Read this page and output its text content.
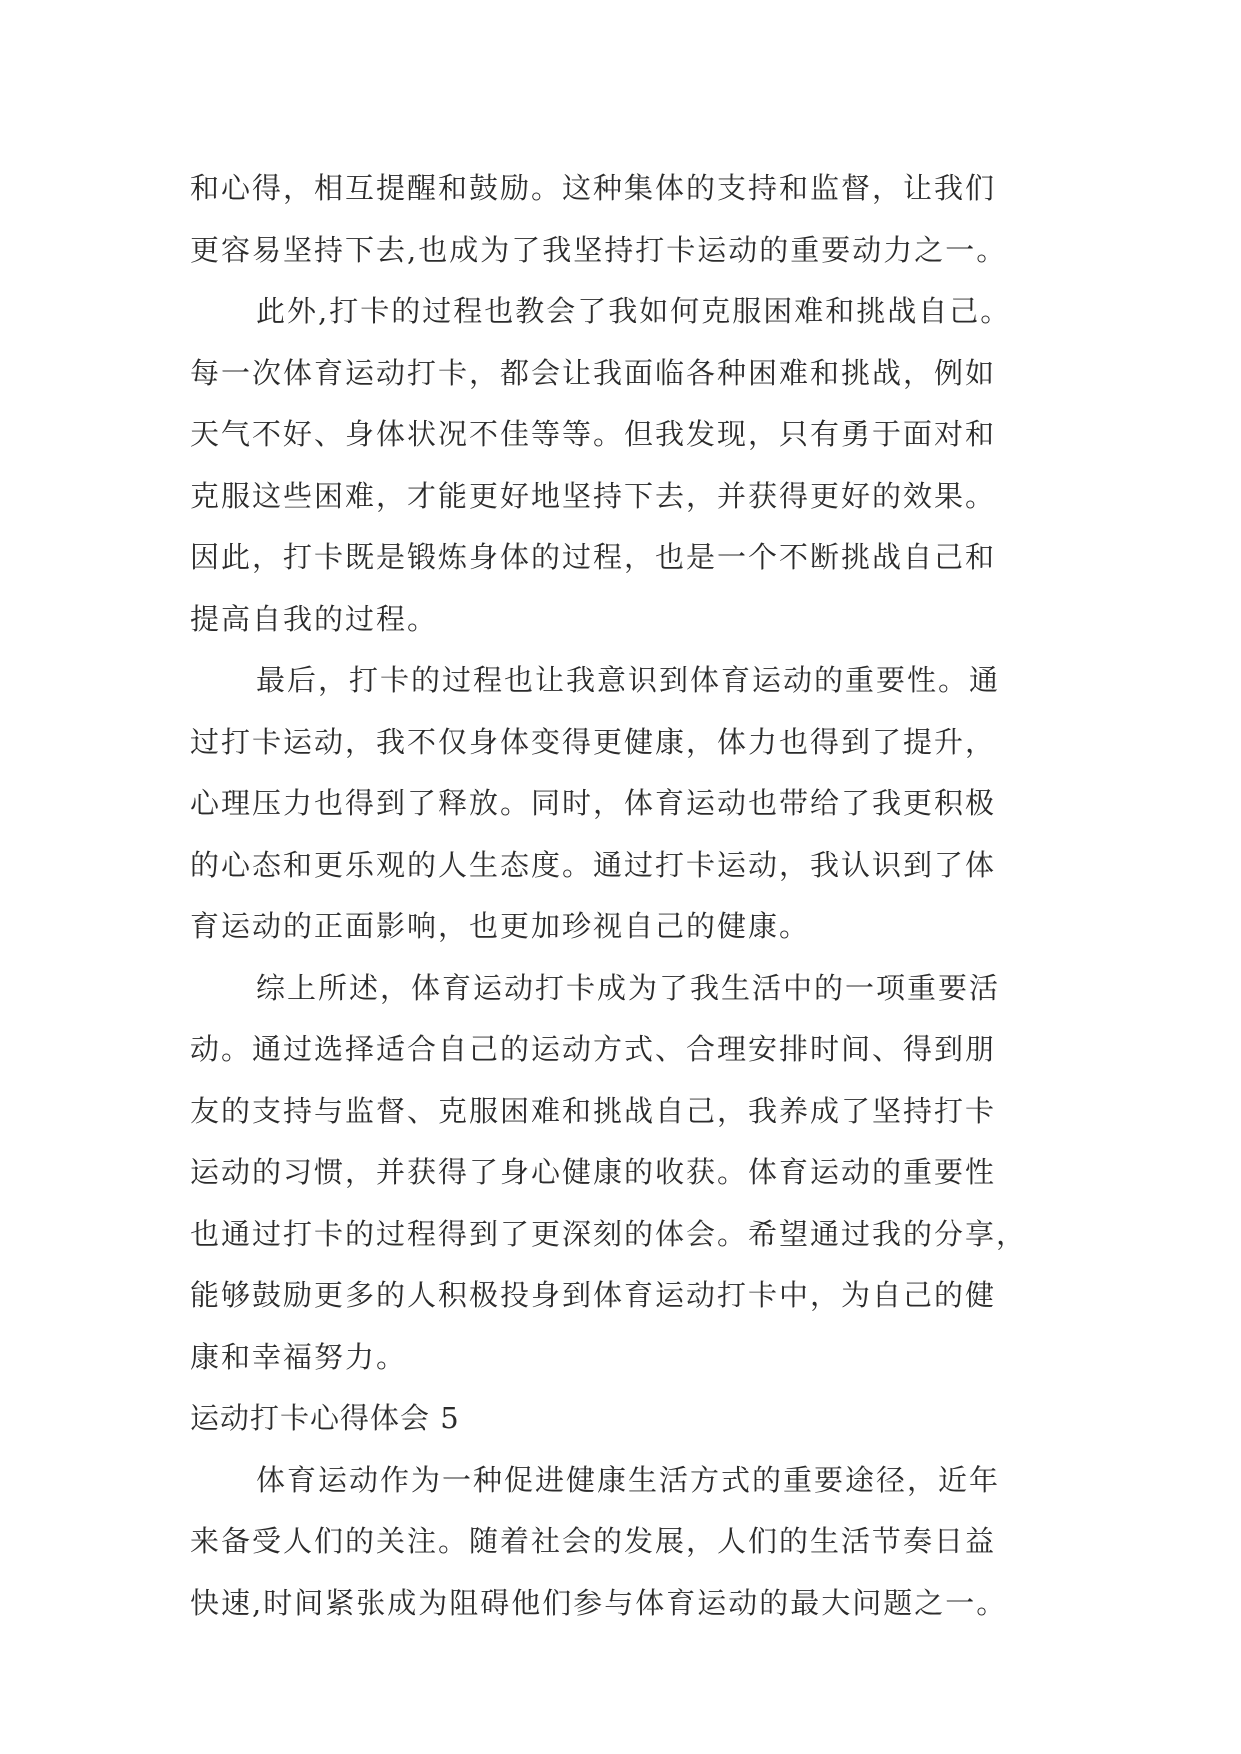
和心得，相互提醒和鼓励。这种集体的支持和监督，让我们
更容易坚持下去,也成为了我坚持打卡运动的重要动力之一。
此外,打卡的过程也教会了我如何克服困难和挑战自己。
每一次体育运动打卡，都会让我面临各种困难和挑战，例如
天气不好、身体状况不佳等等。但我发现，只有勇于面对和
克服这些困难，才能更好地坚持下去，并获得更好的效果。
因此，打卡既是锻炼身体的过程，也是一个不断挑战自己和
提高自我的过程。
最后，打卡的过程也让我意识到体育运动的重要性。通
过打卡运动，我不仅身体变得更健康，体力也得到了提升，
心理压力也得到了释放。同时，体育运动也带给了我更积极
的心态和更乐观的人生态度。通过打卡运动，我认识到了体
育运动的正面影响，也更加珍视自己的健康。
综上所述，体育运动打卡成为了我生活中的一项重要活
动。通过选择适合自己的运动方式、合理安排时间、得到朋
友的支持与监督、克服困难和挑战自己，我养成了坚持打卡
运动的习惯，并获得了身心健康的收获。体育运动的重要性
也通过打卡的过程得到了更深刻的体会。希望通过我的分享，
能够鼓励更多的人积极投身到体育运动打卡中，为自己的健
康和幸福努力。
运动打卡心得体会 5
体育运动作为一种促进健康生活方式的重要途径，近年
来备受人们的关注。随着社会的发展，人们的生活节奏日益
快速,时间紧张成为阻碍他们参与体育运动的最大问题之一。
